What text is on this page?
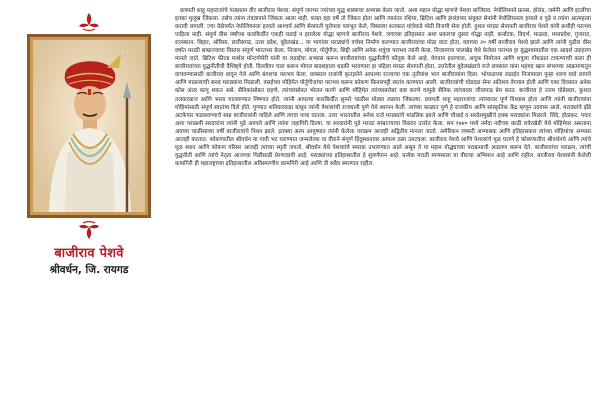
बाजीराव पेशवे
श्रीवर्धन, जि. रायगड

छत्रपती शाहू महाराजांचे पंतप्रधान वीर बाजीराव पेशवा. संपूर्ण जगभर ज्यांच्या युद्ध शास्त्राचा अभ्यास केला जातो. अशा महान योद्धा म्हणजे पेशवा बाजिराव. नेपोलियनने फ्रान्स, हॉलंड, जर्मनी आणि इटलीचा इतका मुलूख जिंकला. तसेच त्यांना तंत्रज्ञानाने जिंकता आला नाही. फक्त दहा वर्षे तो जिंकत होता आणि त्यानंतर रशिया, ब्रिटिश आणि इंग्लंडच्या संयुक्त सेनांनी नेपोलियनला हरवले व पुढे व त्यांना आत्महत्या करावी लागली. ज्या वेळेपर्यंत नेपोलियनला हरवले आश्चर्य आणि सेनापती युरोपला पराभूत केले, विसाव्या शतकात यांचेकडे मोठी विजयी सेना होती. हुशार मराठा सेनापती बाजीराव पेशवे यांनी कधीही पराभव पाहिला नाही. संपूर्ण वीस वर्षांच्या कारकिर्दीत एकही लढाई न हारलेला योद्धा म्हणजे बाजीराव पेशवे. जगाच्या इतिहासात अशा प्रकारचा दुसरा योद्धा नाही. कर्नाटक, विदर्भ, माळवा, मध्यप्रदेश, गुजरात, राजस्थान, बिहार, ओरिसा, छत्तीसगढ, उत्तर प्रदेश, बुंदेलखंड... या भागांवर मराठ्यांचे वर्चस्व निर्माण करण्यात बाजीरावांचा मोठा वाटा होता. वयाच्या २० वर्षी बाजीराव पेशवे झाले आणि त्यांनी पुढील वीस वर्षात मराठी साम्राज्याचा विस्तार संपूर्ण भारतभर केला. निजाम, मोगल, पोर्तुगीज, सिद्दी आणि अनेक शत्रूंचा पराभव त्यांनी केला. निजामाचा पालखेड येथे केलेला पराभव हा युद्धशास्त्रातील एक आदर्श उदाहरण मानले जाते. ब्रिटिश फील्ड मार्शल मॉन्टगोमेरी यांनी या लढाईचा अभ्यास करून बाजीरावांच्या युद्धनीतीचे कौतुक केले आहे. वेगवान हालचाल, अचूक नियोजन आणि शत्रूला गोंधळात टाकण्याची कला ही बाजीरावांच्या युद्धनीतीची वैशिष्ट्ये होती. दिल्लीवर चाल करून मोगल बादशहाला धडकी भरवणारा हा पहिला मराठा सेनापती होता. उत्तरेतील बुंदेलखंडाचे राजे छत्रसाल यांना महंमद खान बंगशच्या आक्रमणातून वाचवण्यासाठी बाजीराव धावून गेले आणि बंगशचा पराभव केला. छत्रसाल राजांनी कृतज्ञतेने आपल्या राज्याचा एक तृतीयांश भाग बाजीरावांना दिला. भोपाळच्या लढाईत निजामाला पुन्हा शरण यावे लागले आणि माळव्याची सनद मराठ्यांना मिळाली. वसईच्या मोहिमेत पोर्तुगीजांचा पराभव करून कोकण किनारपट्टी स्वतंत्र करण्यात आली. बाजीरावांची घोडदळ सेना अतिशय वेगवान होती आणि एका दिवसात अनेक कोस अंतर कापू शकत असे. सैनिकांसोबत राहणे, त्यांच्यासोबत भोजन करणे आणि मोहिमेत त्यांच्याबरोबर कष्ट करणे यामुळे सैनिक त्यांच्यावर जीवापाड प्रेम करत. बाजीराव हे उत्तम घोडेस्वार, कुशल तलवारबाज आणि भाला चालवण्यात निष्णात होते. त्यांनी आपल्या कारकिर्दीत सुमारे चाळीस मोठ्या लढाया जिंकल्या. छत्रपती शाहू महाराजांचा त्यांच्यावर पूर्ण विश्वास होता आणि त्यांनी बाजीरावांना मोहिमांसाठी संपूर्ण स्वातंत्र्य दिले होते. पुण्यात शनिवारवाडा बांधून त्यांनी पेशव्यांची राजधानी पुणे येथे स्थापन केली. त्यांच्या काळात पुणे हे राजकीय आणि सांस्कृतिक केंद्र म्हणून उदयास आले. मराठ्यांचे झेंडे अटकेपार फडकवण्याचे स्वप्न बाजीरावांनी पाहिले आणि त्याचा पाया घातला. उत्तर भारतातील अनेक राजे मराठ्यांचे मांडलिक झाले आणि चौथाई व सरदेशमुखीचे हक्क मराठ्यांना मिळाले. शिंदे, होळकर, पवार अशा पराक्रमी सरदारांना त्यांनी पुढे आणले आणि त्यांना जहागिरी दिल्या. या सरदारांनी पुढे मराठा साम्राज्याचा विस्तार उत्तरेत केला. सन १७४० मध्ये नर्मदा नदीच्या काठी रावेरखेडी येथे मोहिमेवर असताना अवघ्या चाळीसाव्या वर्षी बाजीरावांचे निधन झाले. इतक्या अल्प आयुष्यात त्यांनी केलेला पराक्रम आजही अद्वितीय मानला जातो. अमेरिकन लष्करी अभ्यासक आणि इतिहासकार त्यांच्या मोहिमांचा अभ्यास आजही करतात. कोकणातील श्रीवर्धन या गावी भट घराण्यात जन्मलेल्या या वीराने संपूर्ण हिंदुस्थानावर आपला ठसा उमटवला. बाजीराव पेशवे आणि पेशव्यांचे मूळ घराणे हे कोकणातील श्रीवर्धनचे आणि त्यांचे मूळ स्थान आणि कोकण परिसर आजही त्यांच्या स्मृती जपतो. श्रीवर्धन येथे पेशव्यांचे स्मारक उभारण्यात आले असून ते या महान योद्ध्याच्या पराक्रमाची आठवण करून देते. बाजीरावांचा पराक्रम, त्यांची युद्धनीती आणि त्यांचे नेतृत्व आजच्या पिढीसाठी प्रेरणादायी आहे. मराठ्यांच्या इतिहासातील हे सुवर्णपान आहे. प्रत्येक मराठी माणसाला या वीराचा अभिमान आहे आणि राहील. बाजीराव पेशव्यांनी केलेली कामगिरी ही महाराष्ट्राच्या इतिहासातील अविस्मरणीय कामगिरी आहे आणि ती सदैव स्मरणात राहील.
